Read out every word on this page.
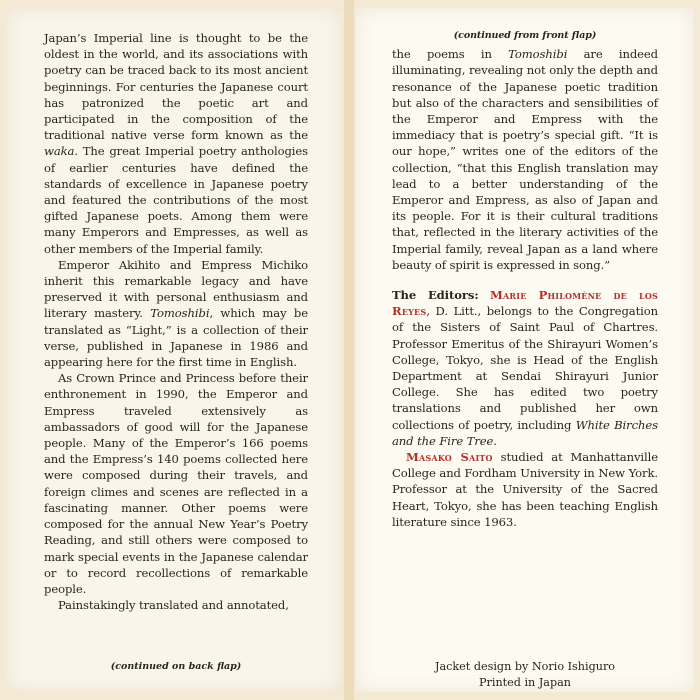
Japan’s Imperial line is thought to be the oldest in the world, and its associations with poetry can be traced back to its most ancient beginnings. For centuries the Japanese court has patronized the poetic art and participated in the composition of the traditional native verse form known as the waka. The great Imperial poetry anthologies of earlier centuries have defined the standards of excellence in Japanese poetry and featured the contributions of the most gifted Japanese poets. Among them were many Emperors and Empresses, as well as other members of the Imperial family.

Emperor Akihito and Empress Michiko inherit this remarkable legacy and have preserved it with personal enthusiasm and literary mastery. Tomoshibi, which may be translated as “Light,” is a collection of their verse, published in Japanese in 1986 and appearing here for the first time in English.

As Crown Prince and Princess before their enthronement in 1990, the Emperor and Empress traveled extensively as ambassadors of good will for the Japanese people. Many of the Emperor’s 166 poems and the Empress’s 140 poems collected here were composed during their travels, and foreign climes and scenes are reflected in a fascinating manner. Other poems were composed for the annual New Year’s Poetry Reading, and still others were composed to mark special events in the Japanese calendar or to record recollections of remarkable people.

Painstakingly translated and annotated,

(continued on back flap)
(continued from front flap)

the poems in Tomoshibi are indeed illuminating, revealing not only the depth and resonance of the Japanese poetic tradition but also of the characters and sensibilities of the Emperor and Empress with the immediacy that is poetry’s special gift. “It is our hope,” writes one of the editors of the collection, “that this English translation may lead to a better understanding of the Emperor and Empress, as also of Japan and its people. For it is their cultural traditions that, reflected in the literary activities of the Imperial family, reveal Japan as a land where beauty of spirit is expressed in song.”

The Editors: Marie Philomène de los Reyes, D. Litt., belongs to the Congregation of the Sisters of Saint Paul of Chartres. Professor Emeritus of the Shirayuri Women’s College, Tokyo, she is Head of the English Department at Sendai Shirayuri Junior College. She has edited two poetry translations and published her own collections of poetry, including White Birches and the Fire Tree.

Masako Saito studied at Manhattanville College and Fordham University in New York. Professor at the University of the Sacred Heart, Tokyo, she has been teaching English literature since 1963.

Jacket design by Norio Ishiguro
Printed in Japan
